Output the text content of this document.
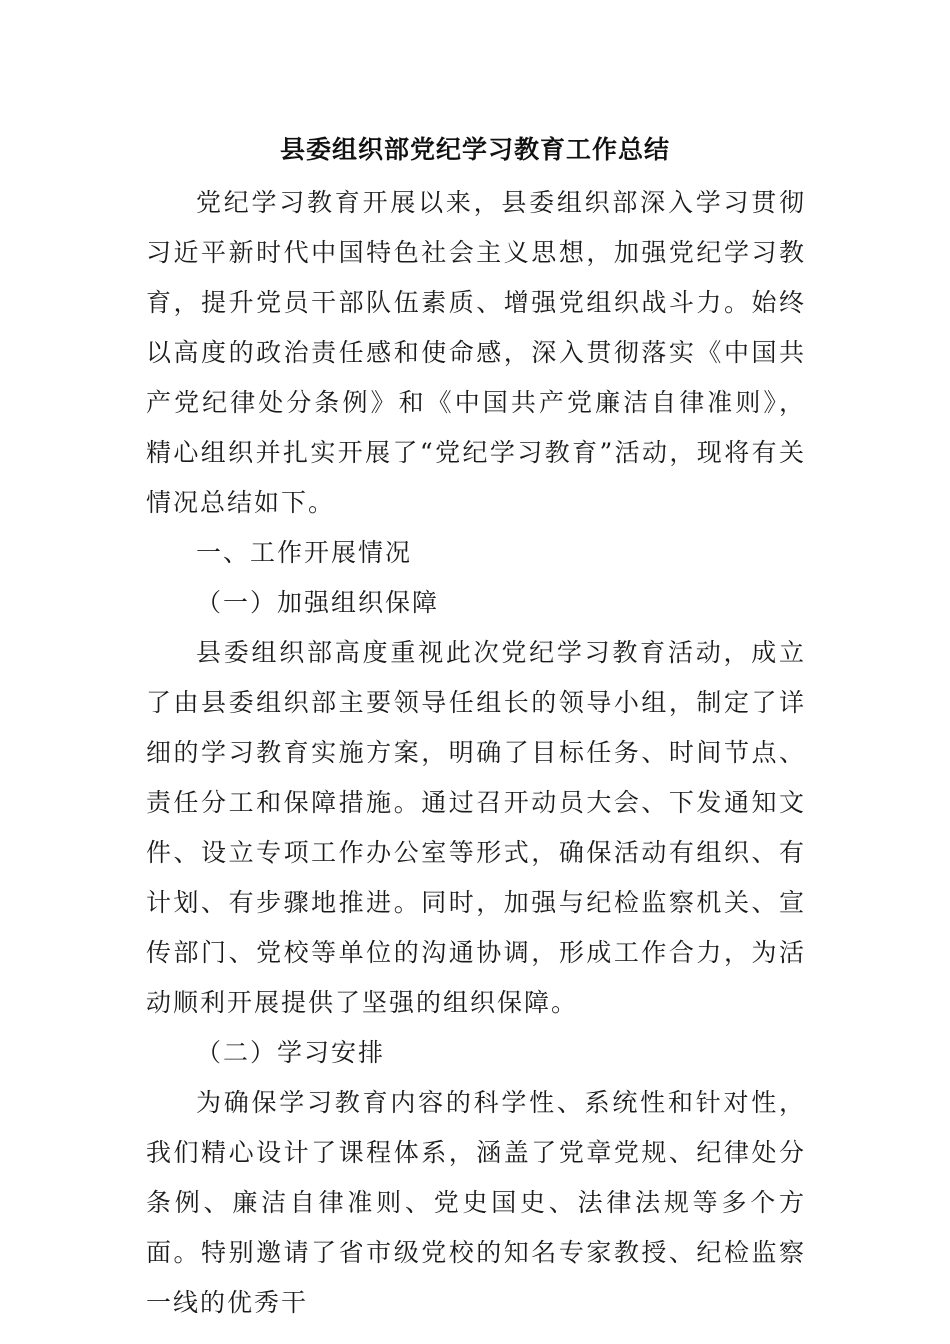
县委组织部党纪学习教育工作总结

党纪学习教育开展以来，县委组织部深入学习贯彻习近平新时代中国特色社会主义思想，加强党纪学习教育，提升党员干部队伍素质、增强党组织战斗力。始终以高度的政治责任感和使命感，深入贯彻落实《中国共产党纪律处分条例》和《中国共产党廉洁自律准则》，精心组织并扎实开展了“党纪学习教育”活动，现将有关情况总结如下。

一、工作开展情况

（一）加强组织保障

县委组织部高度重视此次党纪学习教育活动，成立了由县委组织部主要领导任组长的领导小组，制定了详细的学习教育实施方案，明确了目标任务、时间节点、责任分工和保障措施。通过召开动员大会、下发通知文件、设立专项工作办公室等形式，确保活动有组织、有计划、有步骤地推进。同时，加强与纪检监察机关、宣传部门、党校等单位的沟通协调，形成工作合力，为活动顺利开展提供了坚强的组织保障。

（二）学习安排

为确保学习教育内容的科学性、系统性和针对性，我们精心设计了课程体系，涵盖了党章党规、纪律处分条例、廉洁自律准则、党史国史、法律法规等多个方面。特别邀请了省市级党校的知名专家教授、纪检监察一线的优秀干
